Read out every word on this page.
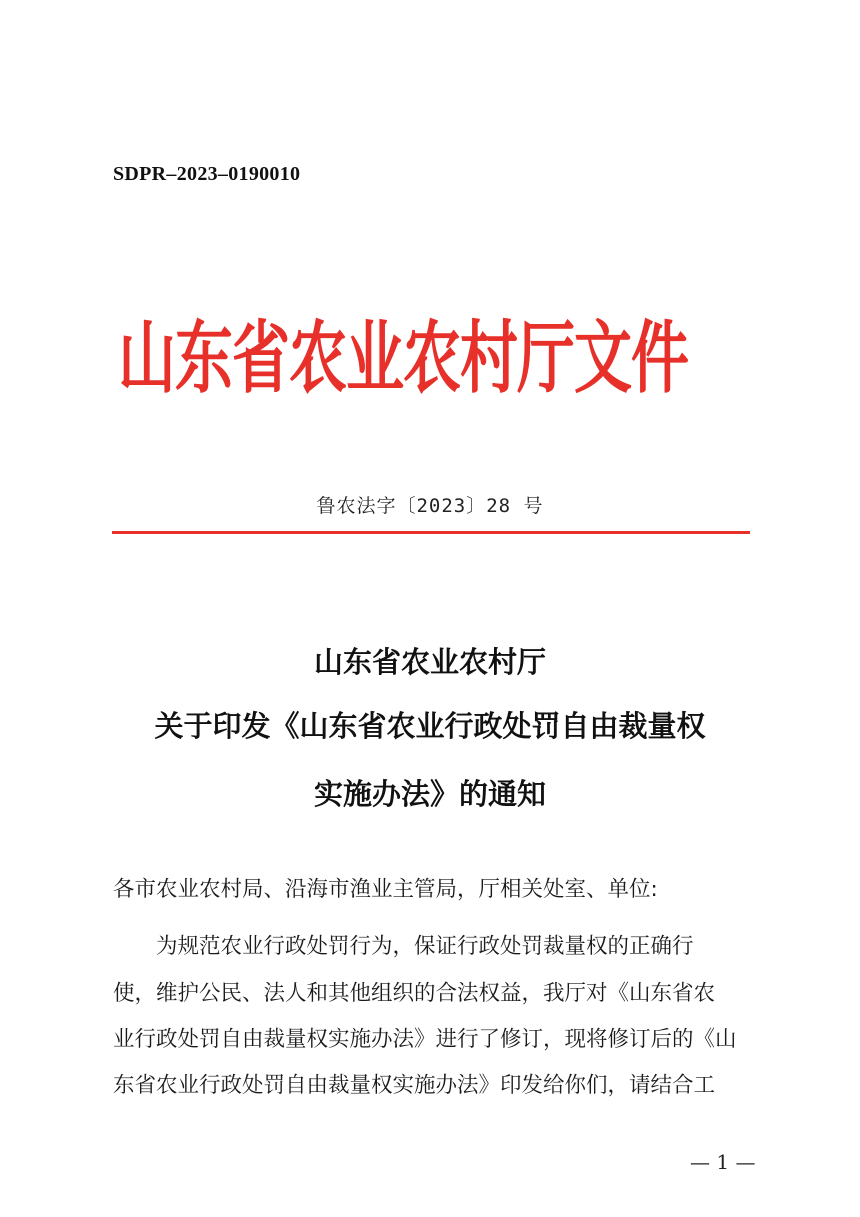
SDPR–2023–0190010
山东省农业农村厅文件
鲁农法字〔2023〕28 号
山东省农业农村厅
关于印发《山东省农业行政处罚自由裁量权
实施办法》的通知
各市农业农村局、沿海市渔业主管局，厅相关处室、单位:
为规范农业行政处罚行为，保证行政处罚裁量权的正确行
使，维护公民、法人和其他组织的合法权益，我厅对《山东省农
业行政处罚自由裁量权实施办法》进行了修订，现将修订后的《山
东省农业行政处罚自由裁量权实施办法》印发给你们，请结合工
— 1 —
